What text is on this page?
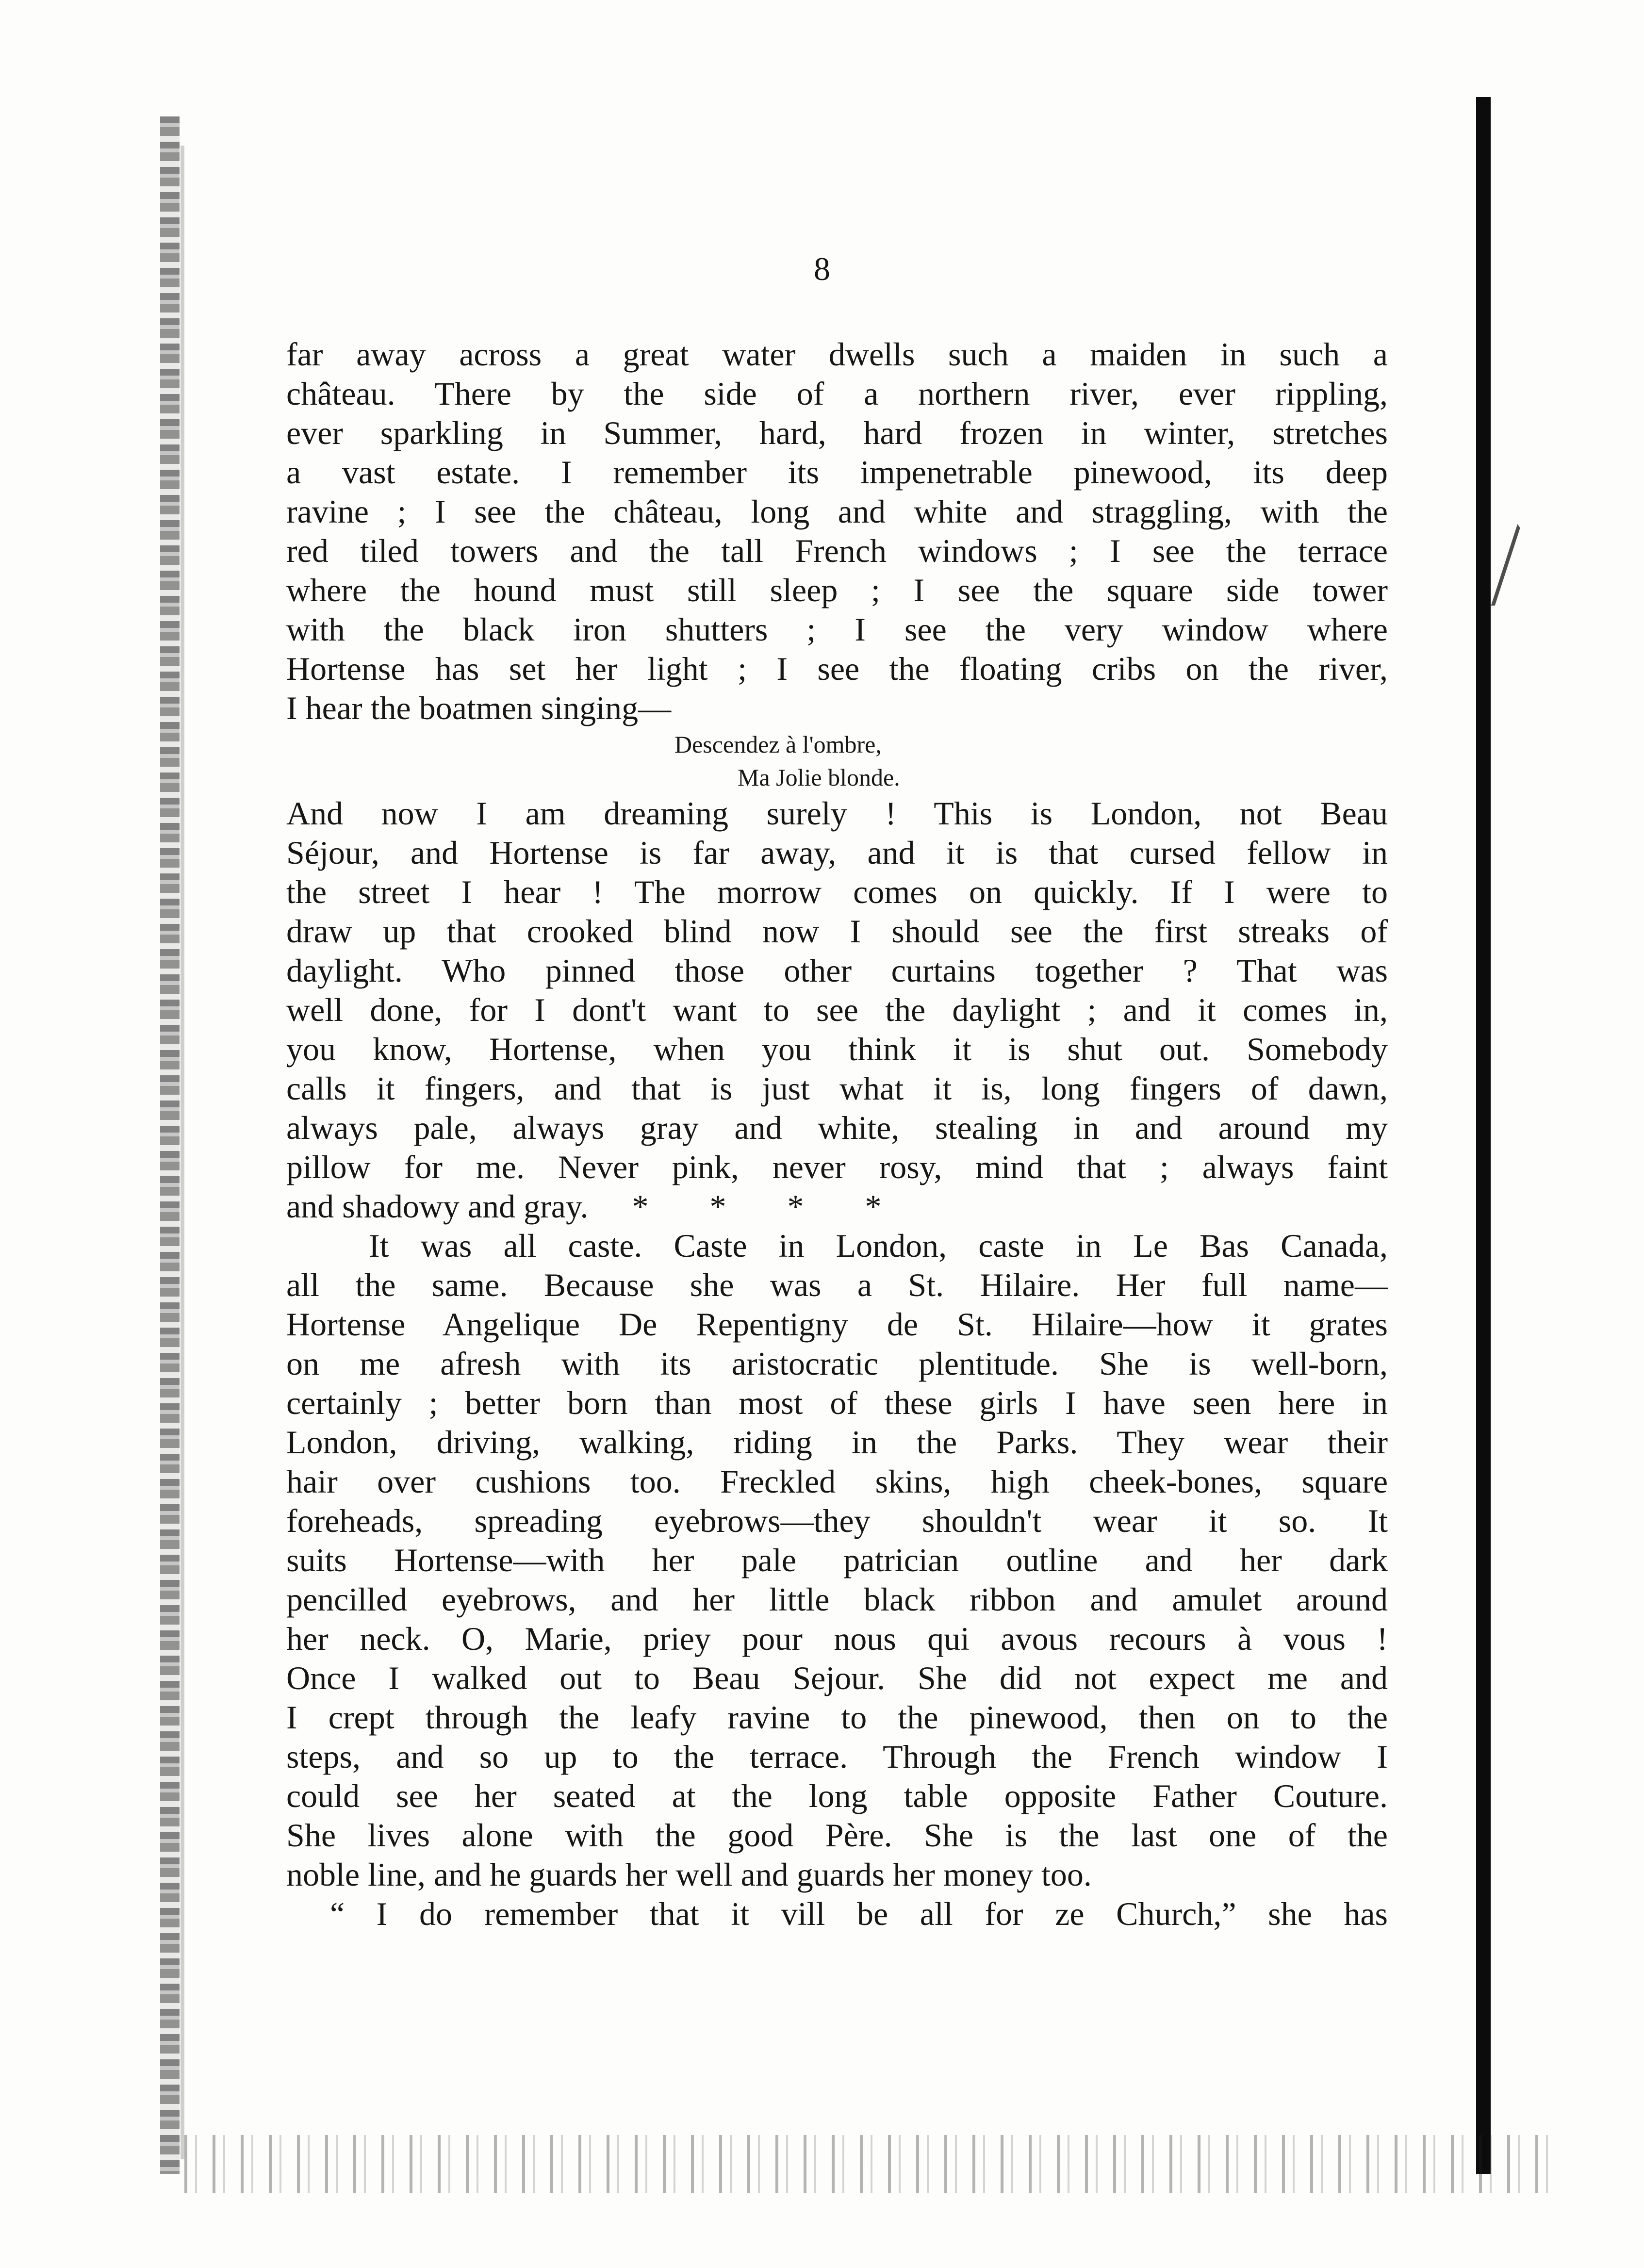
8
far away across a great water dwells such a maiden in such a
château. There by the side of a northern river, ever rippling,
ever sparkling in Summer, hard, hard frozen in winter, stretches
a vast estate. I remember its impenetrable pinewood, its deep
ravine ; I see the château, long and white and straggling, with the
red tiled towers and the tall French windows ; I see the terrace
where the hound must still sleep ; I see the square side tower
with the black iron shutters ; I see the very window where
Hortense has set her light ; I see the floating cribs on the river,
I hear the boatmen singing—
Descendez à l'ombre,
Ma Jolie blonde.
And now I am dreaming surely ! This is London, not Beau
Séjour, and Hortense is far away, and it is that cursed fellow in
the street I hear ! The morrow comes on quickly. If I were to
draw up that crooked blind now I should see the first streaks of
daylight. Who pinned those other curtains together ? That was
well done, for I dont't want to see the daylight ; and it comes in,
you know, Hortense, when you think it is shut out. Somebody
calls it fingers, and that is just what it is, long fingers of dawn,
always pale, always gray and white, stealing in and around my
pillow for me. Never pink, never rosy, mind that ; always faint
and shadowy and gray. * * * *
It was all caste. Caste in London, caste in Le Bas Canada,
all the same. Because she was a St. Hilaire. Her full name—
Hortense Angelique De Repentigny de St. Hilaire—how it grates
on me afresh with its aristocratic plentitude. She is well-born,
certainly ; better born than most of these girls I have seen here in
London, driving, walking, riding in the Parks. They wear their
hair over cushions too. Freckled skins, high cheek-bones, square
foreheads, spreading eyebrows—they shouldn't wear it so. It
suits Hortense—with her pale patrician outline and her dark
pencilled eyebrows, and her little black ribbon and amulet around
her neck. O, Marie, priey pour nous qui avous recours à vous !
Once I walked out to Beau Sejour. She did not expect me and
I crept through the leafy ravine to the pinewood, then on to the
steps, and so up to the terrace. Through the French window I
could see her seated at the long table opposite Father Couture.
She lives alone with the good Père. She is the last one of the
noble line, and he guards her well and guards her money too.
“ I do remember that it vill be all for ze Church,” she has
